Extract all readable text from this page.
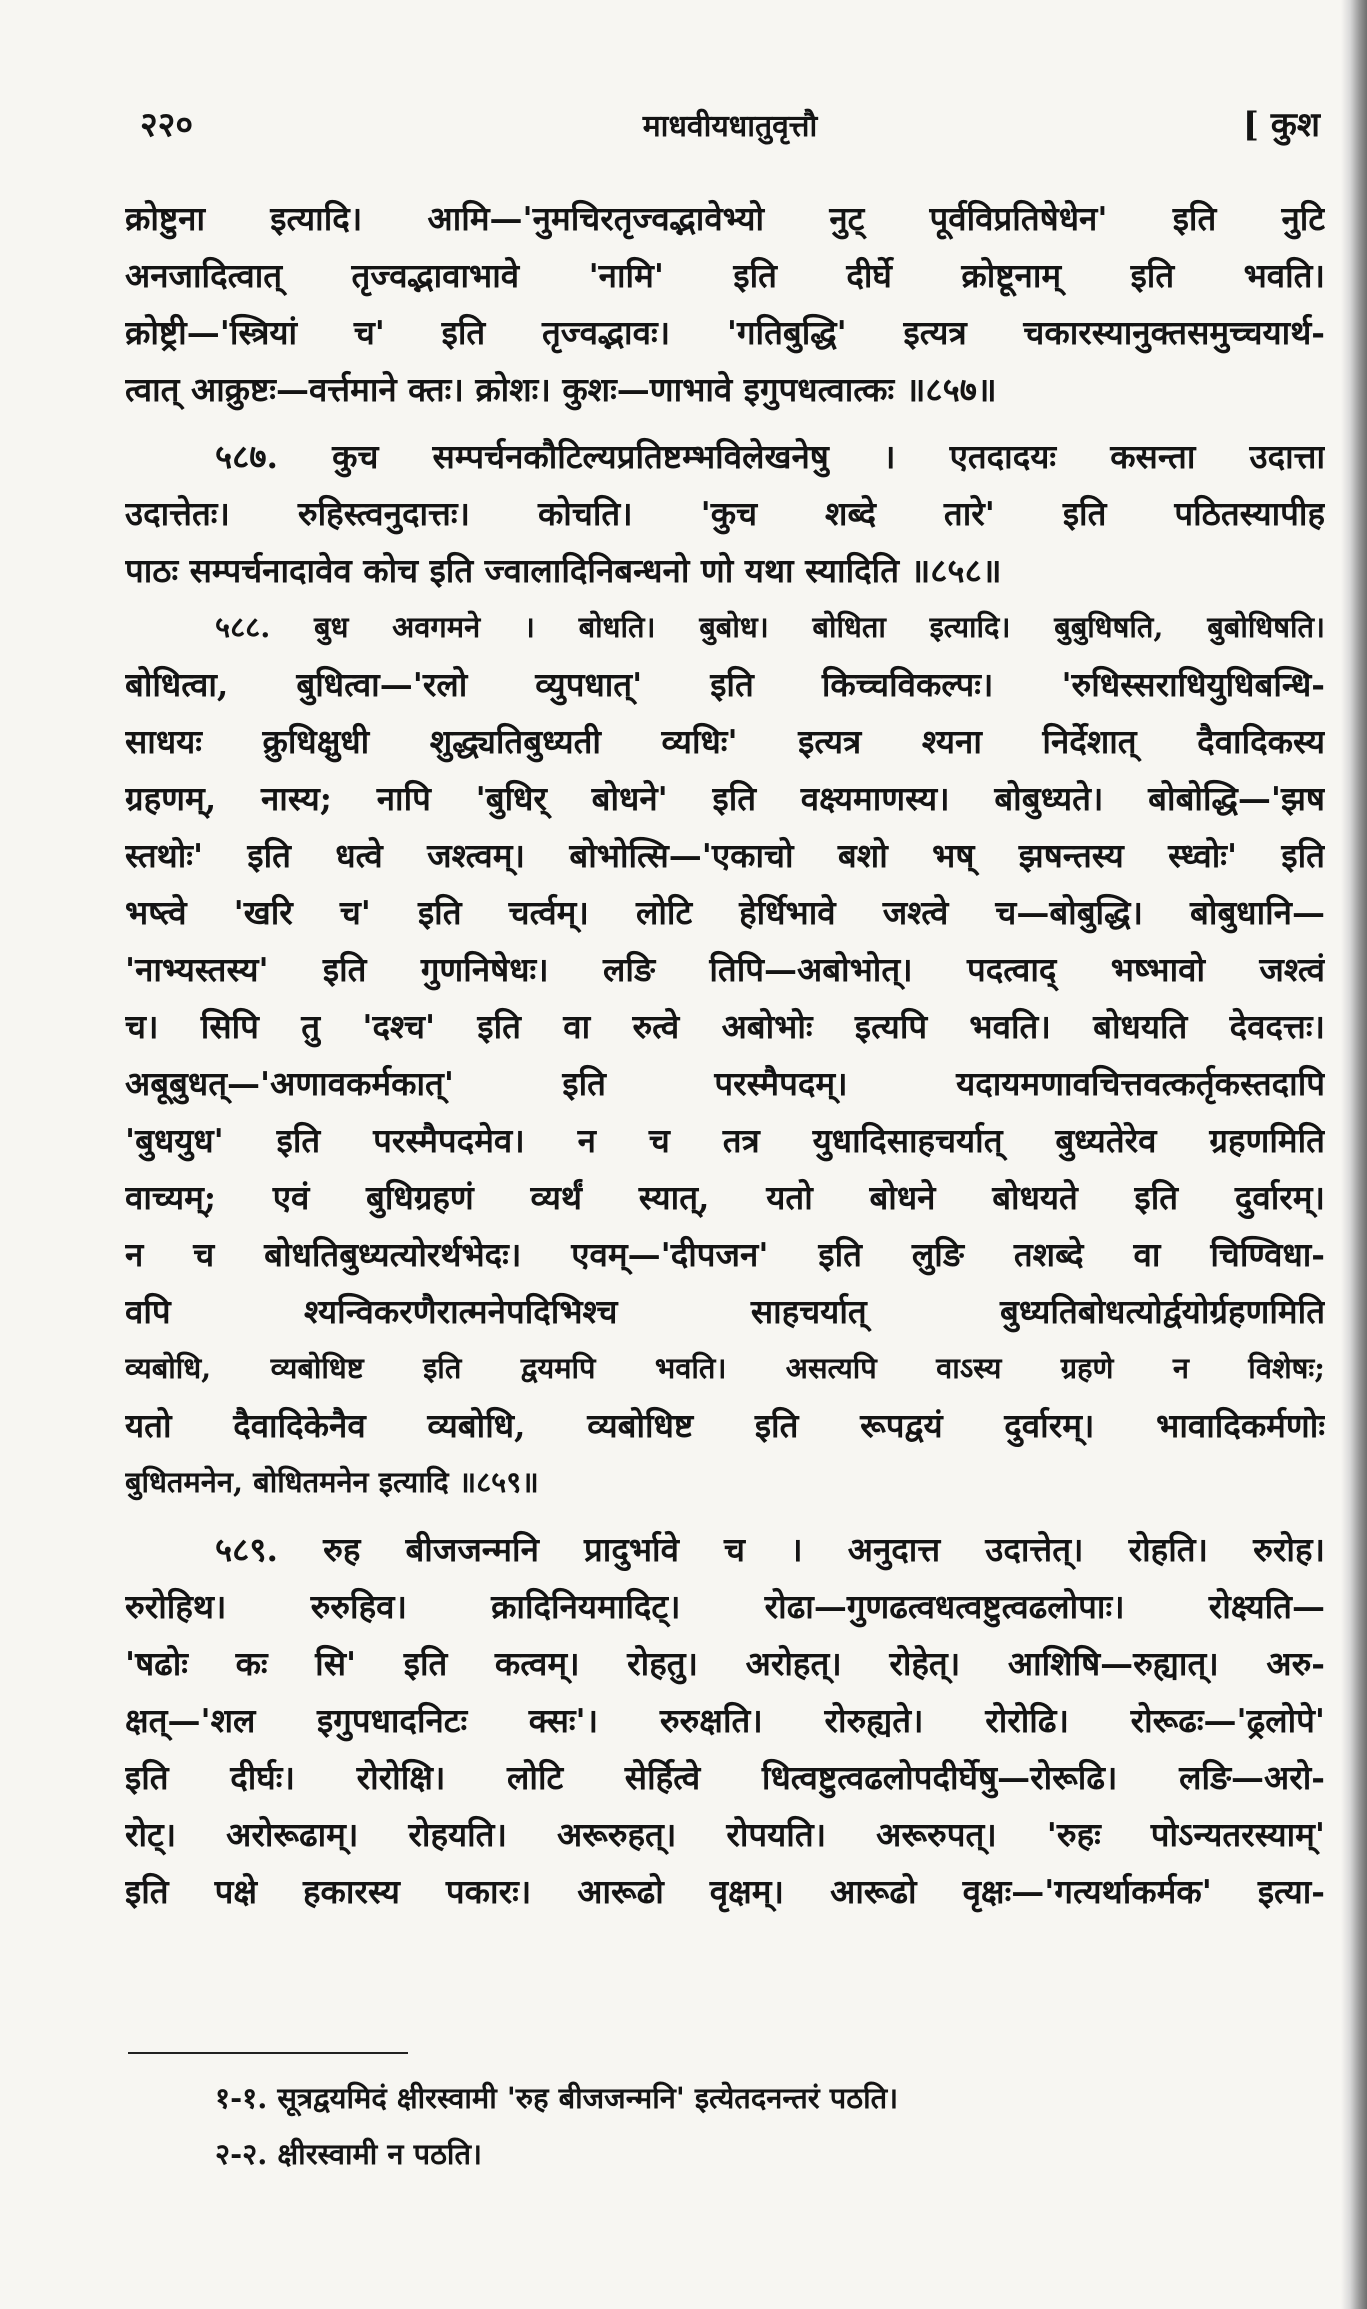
२२०	माधवीयधातुवृत्तौ	[ कुश
क्रोष्टुना इत्यादि। आमि—'नुमचिरतृज्वद्भावेभ्यो नुट् पूर्वविप्रतिषेधेन' इति नुटि
अनजादित्वात् तृज्वद्भावाभावे 'नामि' इति दीर्घे क्रोष्टूनाम् इति भवति।
क्रोष्ट्री—'स्त्रियां च' इति तृज्वद्भावः। 'गतिबुद्धि' इत्यत्र चकारस्यानुक्तसमुच्चयार्थ-
त्वात् आक्रुष्टः—वर्त्तमाने क्तः। क्रोशः। कुशः—णाभावे इगुपधत्वात्कः ॥८५७॥
५८७. कुच सम्पर्चनकौटिल्यप्रतिष्टम्भविलेखनेषु । एतदादयः कसन्ता उदात्ता
उदात्तेतः। रुहिस्त्वनुदात्तः। कोचति। 'कुच शब्दे तारे' इति पठितस्यापीह
पाठः सम्पर्चनादावेव कोच इति ज्वालादिनिबन्धनो णो यथा स्यादिति ॥८५८॥
५८८. बुध अवगमने । बोधति। बुबोध। बोधिता इत्यादि। बुबुधिषति, बुबोधिषति।
बोधित्वा, बुधित्वा—'रलो व्युपधात्' इति किच्चविकल्पः। 'रुधिस्सराधियुधिबन्धि-
साधयः क्रुधिक्षुधी शुद्ध्यतिबुध्यती व्यधिः' इत्यत्र श्यना निर्देशात् दैवादिकस्य
ग्रहणम्, नास्य; नापि 'बुधिर् बोधने' इति वक्ष्यमाणस्य। बोबुध्यते। बोबोद्धि—'झष
स्तथोः' इति धत्वे जश्त्वम्। बोभोत्सि—'एकाचो बशो भष् झषन्तस्य स्ध्वोः' इति
भष्त्वे 'खरि च' इति चर्त्वम्। लोटि हेर्धिभावे जश्त्वे च—बोबुद्धि। बोबुधानि—
'नाभ्यस्तस्य' इति गुणनिषेधः। लङि तिपि—अबोभोत्। पदत्वाद् भष्भावो जश्त्वं
च। सिपि तु 'दश्च' इति वा रुत्वे अबोभोः इत्यपि भवति। बोधयति देवदत्तः।
अबूबुधत्—'अणावकर्मकात्' इति परस्मैपदम्। यदायमणावचित्तवत्कर्तृकस्तदापि
'बुधयुध' इति परस्मैपदमेव। न च तत्र युधादिसाहचर्यात् बुध्यतेरेव ग्रहणमिति
वाच्यम्; एवं बुधिग्रहणं व्यर्थं स्यात्, यतो बोधने बोधयते इति दुर्वारम्।
न च बोधतिबुध्यत्योरर्थभेदः। एवम्—'दीपजन' इति लुङि तशब्दे वा चिण्विधा-
वपि श्यन्विकरणैरात्मनेपदिभिश्च साहचर्यात् बुध्यतिबोधत्योर्द्वयोर्ग्रहणमिति
व्यबोधि, व्यबोधिष्ट इति द्वयमपि भवति। असत्यपि वाऽस्य ग्रहणे न विशेषः;
यतो दैवादिकेनैव व्यबोधि, व्यबोधिष्ट इति रूपद्वयं दुर्वारम्। भावादिकर्मणोः
बुधितमनेन, बोधितमनेन इत्यादि ॥८५९॥
५८९. रुह बीजजन्मनि प्रादुर्भावे च । अनुदात्त उदात्तेत्। रोहति। रुरोह।
रुरोहिथ। रुरुहिव। क्रादिनियमादिट्। रोढा—गुणढत्वधत्वष्टुत्वढलोपाः। रोक्ष्यति—
'षढोः कः सि' इति कत्वम्। रोहतु। अरोहत्। रोहेत्। आशिषि—रुह्यात्। अरु-
क्षत्—'शल इगुपधादनिटः क्सः'। रुरुक्षति। रोरुह्यते। रोरोढि। रोरूढः—'ढ्रलोपे'
इति दीर्घः। रोरोक्षि। लोटि सेर्हित्वे धित्वष्टुत्वढलोपदीर्घेषु—रोरूढि। लङि—अरो-
रोट्। अरोरूढाम्। रोहयति। अरूरुहत्। रोपयति। अरूरुपत्। 'रुहः पोऽन्यतरस्याम्'
इति पक्षे हकारस्य पकारः। आरूढो वृक्षम्। आरूढो वृक्षः—'गत्यर्थाकर्मक' इत्या-
१-१. सूत्रद्वयमिदं क्षीरस्वामी 'रुह बीजजन्मनि' इत्येतदनन्तरं पठति।
२-२. क्षीरस्वामी न पठति।
